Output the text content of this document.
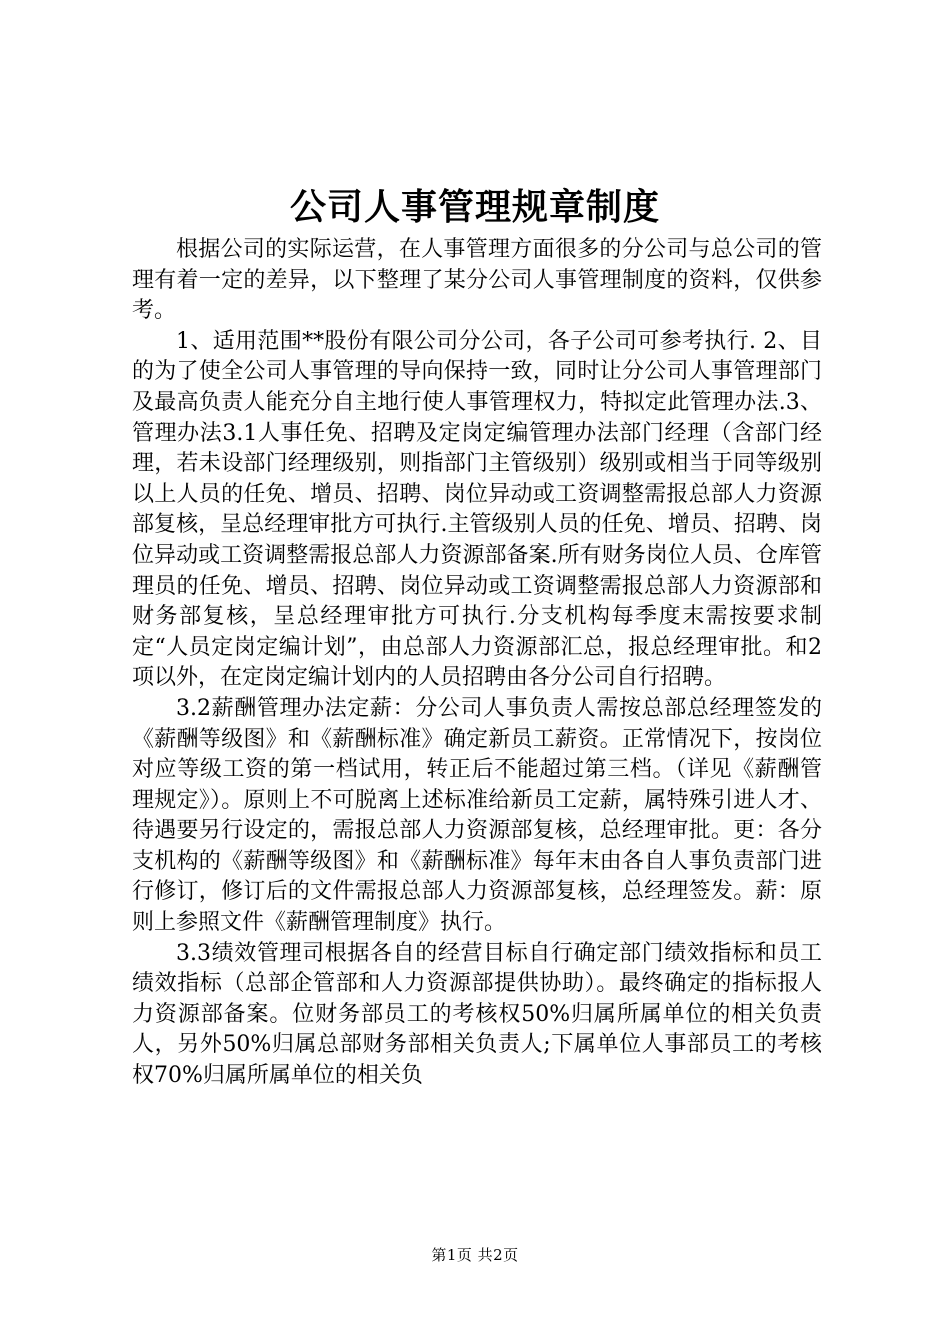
公司人事管理规章制度

根据公司的实际运营，在人事管理方面很多的分公司与总公司的管理有着一定的差异，以下整理了某分公司人事管理制度的资料，仅供参考。

1、适用范围**股份有限公司分公司，各子公司可参考执行. 2、目的为了使全公司人事管理的导向保持一致，同时让分公司人事管理部门及最高负责人能充分自主地行使人事管理权力，特拟定此管理办法.3、管理办法3.1人事任免、招聘及定岗定编管理办法部门经理（含部门经理，若未设部门经理级别，则指部门主管级别）级别或相当于同等级别以上人员的任免、增员、招聘、岗位异动或工资调整需报总部人力资源部复核，呈总经理审批方可执行.主管级别人员的任免、增员、招聘、岗位异动或工资调整需报总部人力资源部备案.所有财务岗位人员、仓库管理员的任免、增员、招聘、岗位异动或工资调整需报总部人力资源部和财务部复核，呈总经理审批方可执行.分支机构每季度末需按要求制定“人员定岗定编计划”，由总部人力资源部汇总，报总经理审批。和2项以外，在定岗定编计划内的人员招聘由各分公司自行招聘。

3.2薪酬管理办法定薪：分公司人事负责人需按总部总经理签发的《薪酬等级图》和《薪酬标准》确定新员工薪资。正常情况下，按岗位对应等级工资的第一档试用，转正后不能超过第三档。（详见《薪酬管理规定》）。原则上不可脱离上述标准给新员工定薪，属特殊引进人才、待遇要另行设定的，需报总部人力资源部复核，总经理审批。更：各分支机构的《薪酬等级图》和《薪酬标准》每年末由各自人事负责部门进行修订，修订后的文件需报总部人力资源部复核，总经理签发。薪：原则上参照文件《薪酬管理制度》执行。

3.3绩效管理司根据各自的经营目标自行确定部门绩效指标和员工绩效指标（总部企管部和人力资源部提供协助）。最终确定的指标报人力资源部备案。位财务部员工的考核权50%归属所属单位的相关负责人，另外50%归属总部财务部相关负责人;下属单位人事部员工的考核权70%归属所属单位的相关负

第1页 共2页
